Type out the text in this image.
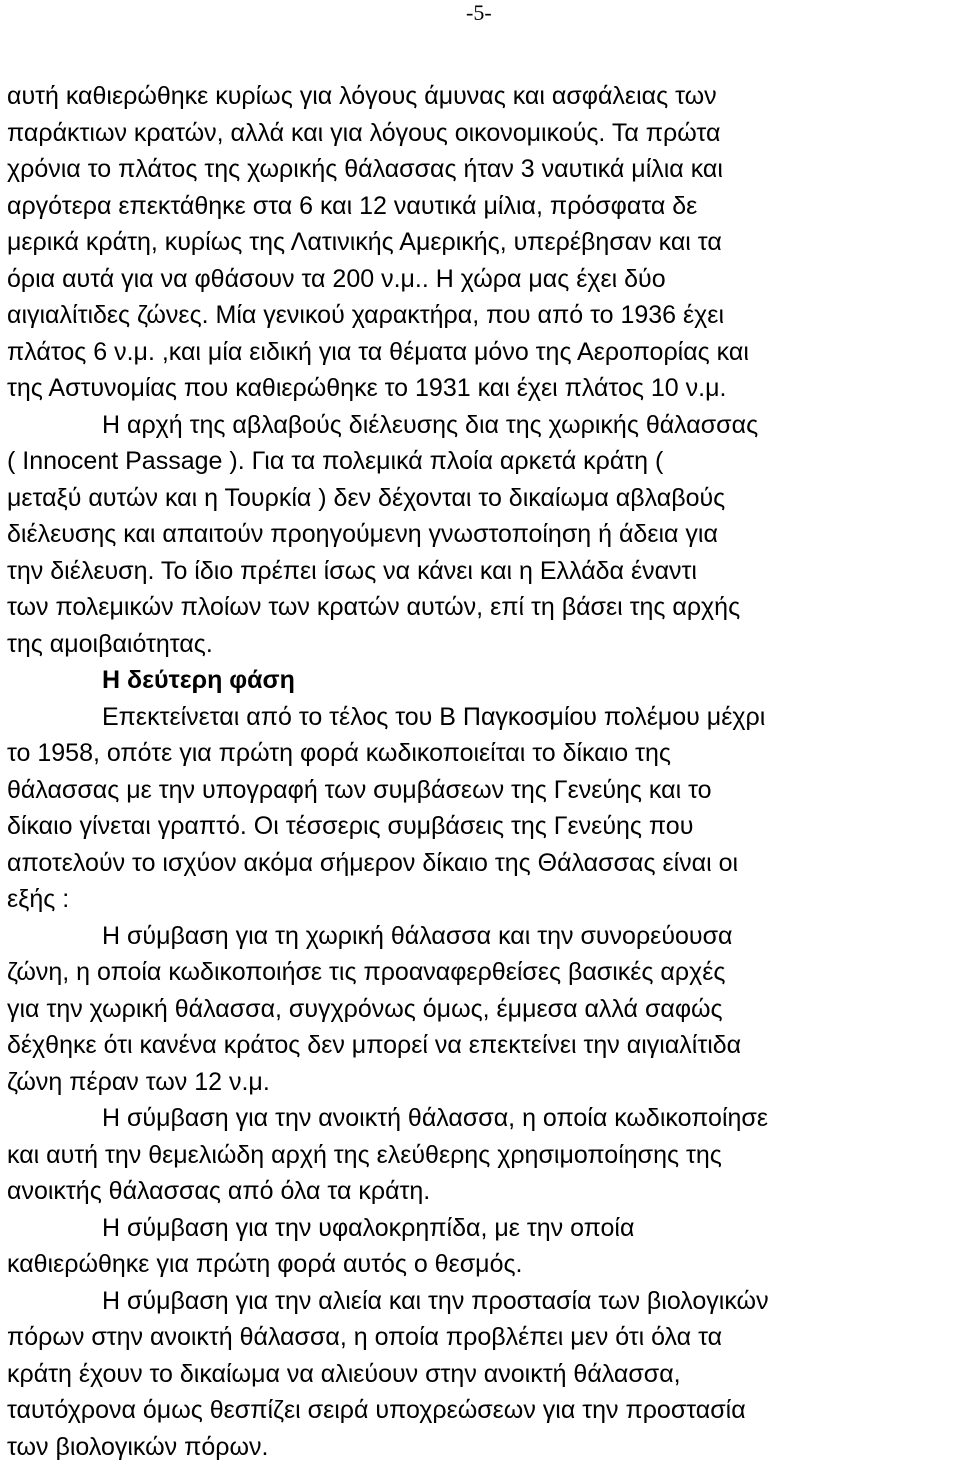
-5-
αυτή καθιερώθηκε κυρίως για λόγους άμυνας και ασφάλειας των
παράκτιων κρατών, αλλά και για λόγους οικονομικούς. Τα πρώτα
χρόνια το πλάτος της χωρικής θάλασσας ήταν 3 ναυτικά μίλια και
αργότερα επεκτάθηκε στα 6 και 12 ναυτικά μίλια, πρόσφατα δε
μερικά κράτη, κυρίως της Λατινικής Αμερικής, υπερέβησαν και τα
όρια αυτά για να φθάσουν τα 200 ν.μ.. Η χώρα μας έχει δύο
αιγιαλίτιδες ζώνες. Μία γενικού χαρακτήρα, που από το 1936 έχει
πλάτος 6 ν.μ. ,και μία ειδική για τα θέματα μόνο της Αεροπορίας και
της Αστυνομίας που καθιερώθηκε το 1931 και έχει πλάτος 10 ν.μ.
Η αρχή της αβλαβούς διέλευσης δια της χωρικής θάλασσας
( Innocent Passage ). Για τα πολεμικά πλοία αρκετά κράτη (
μεταξύ αυτών και η Τουρκία ) δεν δέχονται το δικαίωμα αβλαβούς
διέλευσης και απαιτούν προηγούμενη γνωστοποίηση ή άδεια για
την διέλευση. Το ίδιο πρέπει ίσως να κάνει και η Ελλάδα έναντι
των πολεμικών πλοίων των κρατών αυτών, επί τη βάσει της αρχής
της αμοιβαιότητας.
Η δεύτερη φάση
Επεκτείνεται από το τέλος του Β Παγκοσμίου πολέμου μέχρι
το 1958, οπότε για πρώτη φορά κωδικοποιείται το δίκαιο της
θάλασσας με την υπογραφή των συμβάσεων της Γενεύης και το
δίκαιο γίνεται γραπτό. Οι τέσσερις συμβάσεις της Γενεύης που
αποτελούν το ισχύον ακόμα σήμερον δίκαιο της Θάλασσας είναι οι
εξής :
Η σύμβαση για τη χωρική θάλασσα και την συνορεύουσα
ζώνη, η οποία κωδικοποιήσε τις προαναφερθείσες βασικές αρχές
για την χωρική θάλασσα, συγχρόνως όμως, έμμεσα αλλά σαφώς
δέχθηκε ότι κανένα κράτος δεν μπορεί να επεκτείνει την αιγιαλίτιδα
ζώνη πέραν των 12 ν.μ.
Η σύμβαση για την ανοικτή θάλασσα, η οποία κωδικοποίησε
και αυτή την θεμελιώδη αρχή της ελεύθερης χρησιμοποίησης της
ανοικτής θάλασσας από όλα τα κράτη.
Η σύμβαση για την υφαλοκρηπίδα, με την οποία
καθιερώθηκε για πρώτη φορά αυτός ο θεσμός.
Η σύμβαση για την αλιεία και την προστασία των βιολογικών
πόρων στην ανοικτή θάλασσα, η οποία προβλέπει μεν ότι όλα τα
κράτη έχουν το δικαίωμα να αλιεύουν στην ανοικτή θάλασσα,
ταυτόχρονα όμως θεσπίζει σειρά υποχρεώσεων για την προστασία
των βιολογικών πόρων.
